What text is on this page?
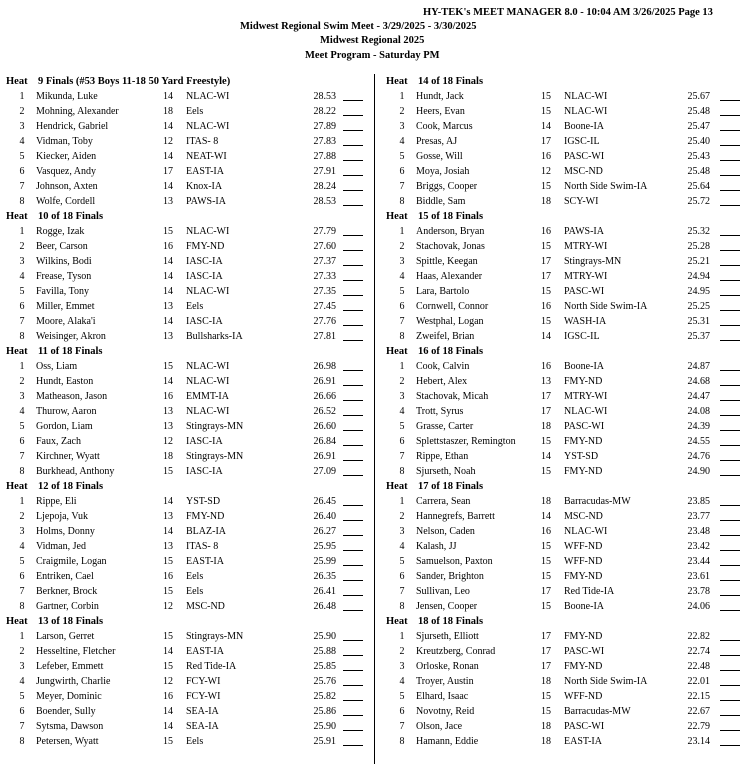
HY-TEK's MEET MANAGER 8.0 - 10:04 AM 3/26/2025 Page 13
Midwest Regional Swim Meet - 3/29/2025 - 3/30/2025
Midwest Regional 2025
Meet Program - Saturday PM
Heat 9 Finals (#53 Boys 11-18 50 Yard Freestyle)
1	Mikunda, Luke	14 NLAC-WI	28.53
2	Mohning, Alexander	18 Eels	28.22
3	Hendrick, Gabriel	14 NLAC-WI	27.89
4	Vidman, Toby	12 ITAS- 8	27.83
5	Kiecker, Aiden	14 NEAT-WI	27.88
6	Vasquez, Andy	17 EAST-IA	27.91
7	Johnson, Axten	14 Knox-IA	28.24
8	Wolfe, Cordell	13 PAWS-IA	28.53
Heat 10 of 18 Finals
1	Rogge, Izak	15 NLAC-WI	27.79
2	Beer, Carson	16 FMY-ND	27.60
3	Wilkins, Bodi	14 IASC-IA	27.37
4	Frease, Tyson	14 IASC-IA	27.33
5	Favilla, Tony	14 NLAC-WI	27.35
6	Miller, Emmet	13 Eels	27.45
7	Moore, Alaka'i	14 IASC-IA	27.76
8	Weisinger, Akron	13 Bullsharks-IA	27.81
Heat 11 of 18 Finals
1	Oss, Liam	15 NLAC-WI	26.98
2	Hundt, Easton	14 NLAC-WI	26.91
3	Matheason, Jason	16 EMMT-IA	26.66
4	Thurow, Aaron	13 NLAC-WI	26.52
5	Gordon, Liam	13 Stingrays-MN	26.60
6	Faux, Zach	12 IASC-IA	26.84
7	Kirchner, Wyatt	18 Stingrays-MN	26.91
8	Burkhead, Anthony	15 IASC-IA	27.09
Heat 12 of 18 Finals
1	Rippe, Eli	14 YST-SD	26.45
2	Ljepoja, Vuk	13 FMY-ND	26.40
3	Holms, Donny	14 BLAZ-IA	26.27
4	Vidman, Jed	13 ITAS- 8	25.95
5	Craigmile, Logan	15 EAST-IA	25.99
6	Entriken, Cael	16 Eels	26.35
7	Berkner, Brock	15 Eels	26.41
8	Gartner, Corbin	12 MSC-ND	26.48
Heat 13 of 18 Finals
1	Larson, Gerret	15 Stingrays-MN	25.90
2	Hesseltine, Fletcher	14 EAST-IA	25.88
3	Lefeber, Emmett	15 Red Tide-IA	25.85
4	Jungwirth, Charlie	12 FCY-WI	25.76
5	Meyer, Dominic	16 FCY-WI	25.82
6	Boender, Sully	14 SEA-IA	25.86
7	Sytsma, Dawson	14 SEA-IA	25.90
8	Petersen, Wyatt	15 Eels	25.91
Heat 14 of 18 Finals
1	Hundt, Jack	15 NLAC-WI	25.67
2	Heers, Evan	15 NLAC-WI	25.48
3	Cook, Marcus	14 Boone-IA	25.47
4	Presas, AJ	17 IGSC-IL	25.40
5	Gosse, Will	16 PASC-WI	25.43
6	Moya, Josiah	12 MSC-ND	25.48
7	Briggs, Cooper	15 North Side Swim-IA	25.64
8	Biddle, Sam	18 SCY-WI	25.72
Heat 15 of 18 Finals
1	Anderson, Bryan	16 PAWS-IA	25.32
2	Stachovak, Jonas	15 MTRY-WI	25.28
3	Spittle, Keegan	17 Stingrays-MN	25.21
4	Haas, Alexander	17 MTRY-WI	24.94
5	Lara, Bartolo	15 PASC-WI	24.95
6	Cornwell, Connor	16 North Side Swim-IA	25.25
7	Westphal, Logan	15 WASH-IA	25.31
8	Zweifel, Brian	14 IGSC-IL	25.37
Heat 16 of 18 Finals
1	Cook, Calvin	16 Boone-IA	24.87
2	Hebert, Alex	13 FMY-ND	24.68
3	Stachovak, Micah	17 MTRY-WI	24.47
4	Trott, Syrus	17 NLAC-WI	24.08
5	Grasse, Carter	18 PASC-WI	24.39
6	Splettstaszer, Remington	15 FMY-ND	24.55
7	Rippe, Ethan	14 YST-SD	24.76
8	Sjurseth, Noah	15 FMY-ND	24.90
Heat 17 of 18 Finals
1	Carrera, Sean	18 Barracudas-MW	23.85
2	Hannegrefs, Barrett	14 MSC-ND	23.77
3	Nelson, Caden	16 NLAC-WI	23.48
4	Kalash, JJ	15 WFF-ND	23.42
5	Samuelson, Paxton	15 WFF-ND	23.44
6	Sander, Brighton	15 FMY-ND	23.61
7	Sullivan, Leo	17 Red Tide-IA	23.78
8	Jensen, Cooper	15 Boone-IA	24.06
Heat 18 of 18 Finals
1	Sjurseth, Elliott	17 FMY-ND	22.82
2	Kreutzberg, Conrad	17 PASC-WI	22.74
3	Orloske, Ronan	17 FMY-ND	22.48
4	Troyer, Austin	18 North Side Swim-IA	22.01
5	Elhard, Isaac	15 WFF-ND	22.15
6	Novotny, Reid	15 Barracudas-MW	22.67
7	Olson, Jace	18 PASC-WI	22.79
8	Hamann, Eddie	18 EAST-IA	23.14
